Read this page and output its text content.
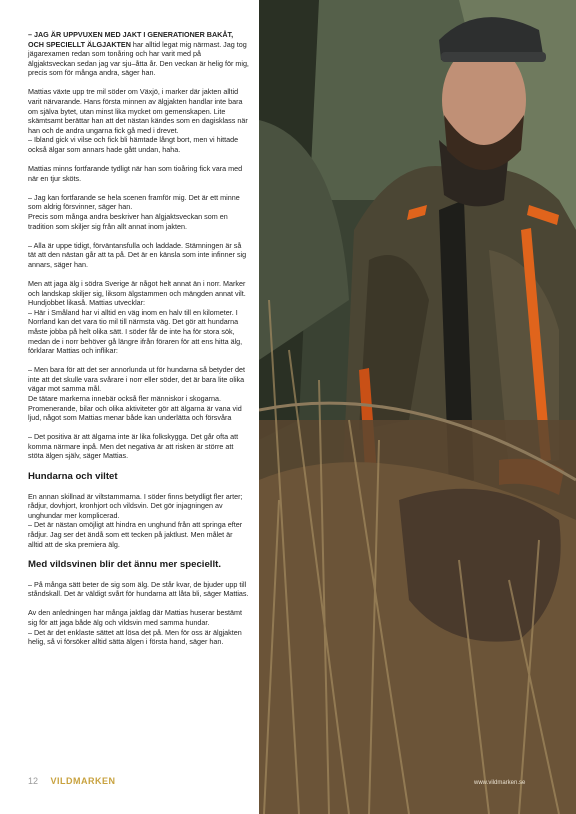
– JAG ÄR UPPVUXEN MED JAKT I GENERATIONER BAKÅT, OCH SPECIELLT ÄLGJAKTEN har alltid legat mig närmast. Jag tog jägarexamen redan som tonåring och har varit med på älgjaktsveckan sedan jag var sju–åtta år. Den veckan är helig för mig, precis som för många andra, säger han.

Mattias växte upp tre mil söder om Växjö, i marker där jakten alltid varit närvarande. Hans första minnen av älgjakten handlar inte bara om själva bytet, utan minst lika mycket om gemenskapen. Lite skämtsamt berättar han att det nästan kändes som en dagisklass när han och de andra ungarna fick gå med i drevet.
– Ibland gick vi vilse och fick bli hämtade långt bort, men vi hittade också älgar som annars hade gått undan, haha.

Mattias minns fortfarande tydligt när han som tioåring fick vara med när en tjur sköts.

– Jag kan fortfarande se hela scenen framför mig. Det är ett minne som aldrig försvinner, säger han.
Precis som många andra beskriver han älgjaktsveckan som en tradition som skiljer sig från allt annat inom jakten.

– Alla är uppe tidigt, förväntansfulla och laddade. Stämningen är så tät att den nästan går att ta på. Det är en känsla som inte infinner sig annars, säger han.

Men att jaga älg i södra Sverige är något helt annat än i norr. Marker och landskap skiljer sig, liksom älgstammen och mängden annat vilt. Hundjobbet likaså. Mattias utvecklar:
– Här i Småland har vi alltid en väg inom en halv till en kilometer. I Norrland kan det vara tio mil till närmsta väg. Det gör att hundarna måste jobba på helt olika sätt. I söder får de inte ha för stora sök, medan de i norr behöver gå längre ifrån föraren för att ens hitta älg, förklarar Mattias och inflikar:

– Men bara för att det ser annorlunda ut för hundarna så betyder det inte att det skulle vara svårare i norr eller söder, det är bara lite olika vägar mot samma mål.
De tätare markerna innebär också fler människor i skogarna. Promenerande, bilar och olika aktiviteter gör att älgarna är vana vid ljud, något som Mattias menar både kan underlätta och försvåra

– Det positiva är att älgarna inte är lika folkskygga. Det går ofta att komma närmare inpå. Men det negativa är att risken är större att stöta älgen själv, säger Mattias.

Hundarna och viltet

En annan skillnad är viltstammarna. I söder finns betydligt fler arter; rådjur, dovhjort, kronhjort och vildsvin. Det gör injagningen av unghundar mer komplicerad.
– Det är nästan omöjligt att hindra en unghund från att springa efter rådjur. Jag ser det ändå som ett tecken på jaktlust. Men målet är alltid att de ska premiera älg.

Med vildsvinen blir det ännu mer speciellt.

– På många sätt beter de sig som älg. De står kvar, de bjuder upp till ståndskall. Det är väldigt svårt för hundarna att låta bli, säger Mattias.

Av den anledningen har många jaktlag där Mattias huserar bestämt sig för att jaga både älg och vildsvin med samma hundar.
– Det är det enklaste sättet att lösa det på. Men för oss är älgjakten helig, så vi försöker alltid sätta älgen i första hand, säger han.

12 VILDMARKEN	www.vildmarken.se
